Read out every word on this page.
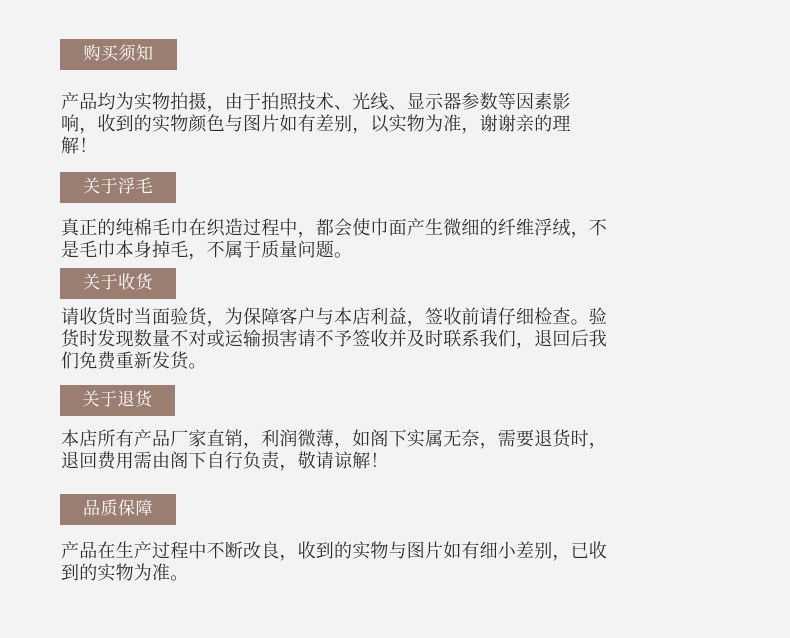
购买须知
产品均为实物拍摄，由于拍照技术、光线、显示器参数等因素影
响，收到的实物颜色与图片如有差别，以实物为准，谢谢亲的理
解！
关于浮毛
真正的纯棉毛巾在织造过程中，都会使巾面产生微细的纤维浮绒，不
是毛巾本身掉毛，不属于质量问题。
关于收货
请收货时当面验货，为保障客户与本店利益，签收前请仔细检查。验
货时发现数量不对或运输损害请不予签收并及时联系我们，退回后我
们免费重新发货。
关于退货
本店所有产品厂家直销，利润微薄，如阁下实属无奈，需要退货时，
退回费用需由阁下自行负责，敬请谅解！
品质保障
产品在生产过程中不断改良，收到的实物与图片如有细小差别，已收
到的实物为准。
